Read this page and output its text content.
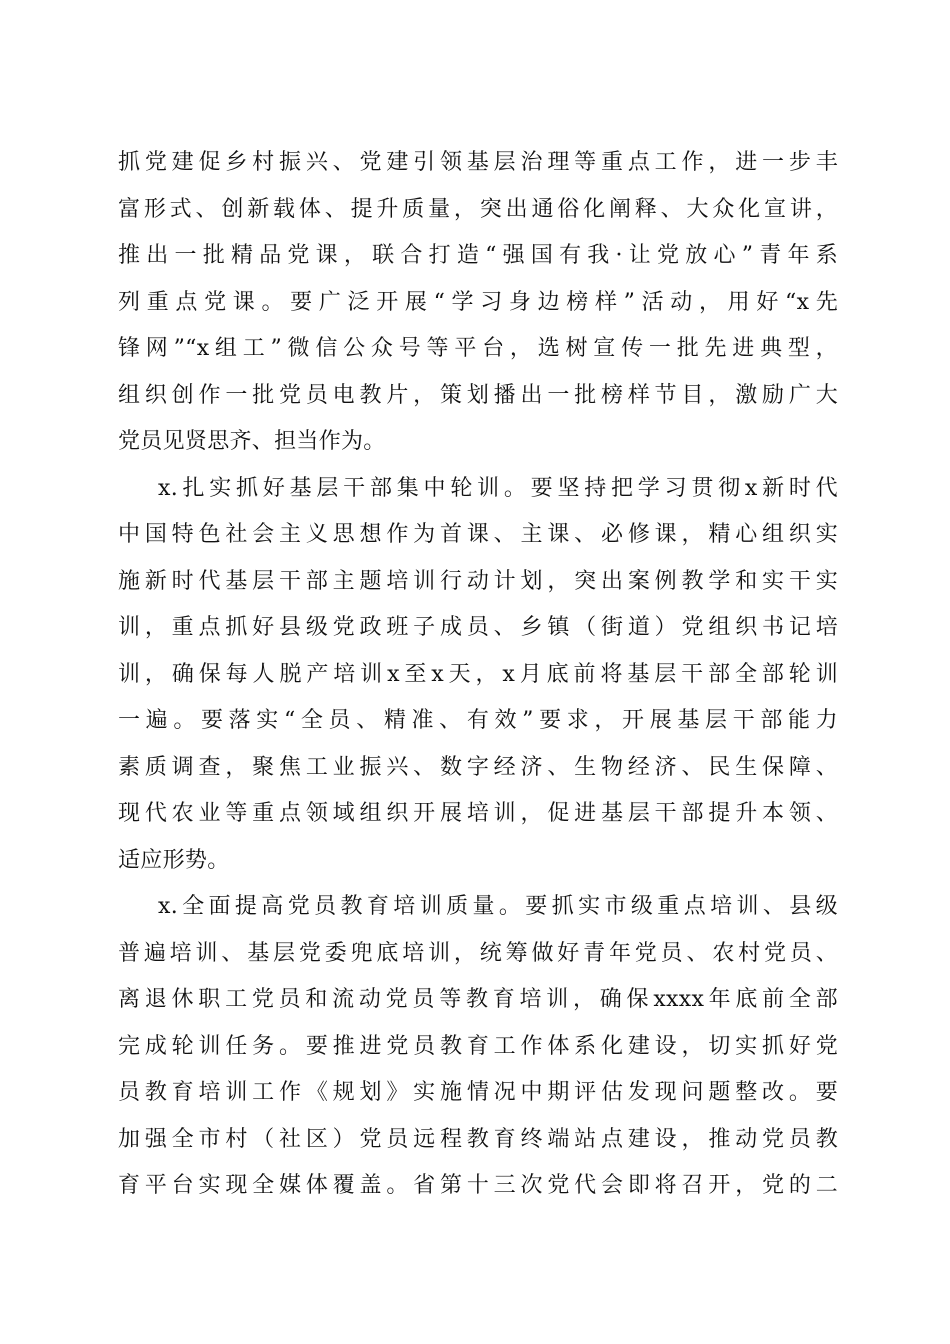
抓党建促乡村振兴、党建引领基层治理等重点工作，进一步丰
富形式、创新载体、提升质量，突出通俗化阐释、大众化宣讲，
推出一批精品党课，联合打造“强国有我·让党放心”青年系
列重点党课。要广泛开展“学习身边榜样”活动，用好“x先
锋网”“x组工”微信公众号等平台，选树宣传一批先进典型，
组织创作一批党员电教片，策划播出一批榜样节目，激励广大
党员见贤思齐、担当作为。
x.扎实抓好基层干部集中轮训。要坚持把学习贯彻x新时代
中国特色社会主义思想作为首课、主课、必修课，精心组织实
施新时代基层干部主题培训行动计划，突出案例教学和实干实
训，重点抓好县级党政班子成员、乡镇（街道）党组织书记培
训，确保每人脱产培训x至x天，x月底前将基层干部全部轮训
一遍。要落实“全员、精准、有效”要求，开展基层干部能力
素质调查，聚焦工业振兴、数字经济、生物经济、民生保障、
现代农业等重点领域组织开展培训，促进基层干部提升本领、
适应形势。
x.全面提高党员教育培训质量。要抓实市级重点培训、县级
普遍培训、基层党委兜底培训，统筹做好青年党员、农村党员、
离退休职工党员和流动党员等教育培训，确保xxxx年底前全部
完成轮训任务。要推进党员教育工作体系化建设，切实抓好党
员教育培训工作《规划》实施情况中期评估发现问题整改。要
加强全市村（社区）党员远程教育终端站点建设，推动党员教
育平台实现全媒体覆盖。省第十三次党代会即将召开，党的二
